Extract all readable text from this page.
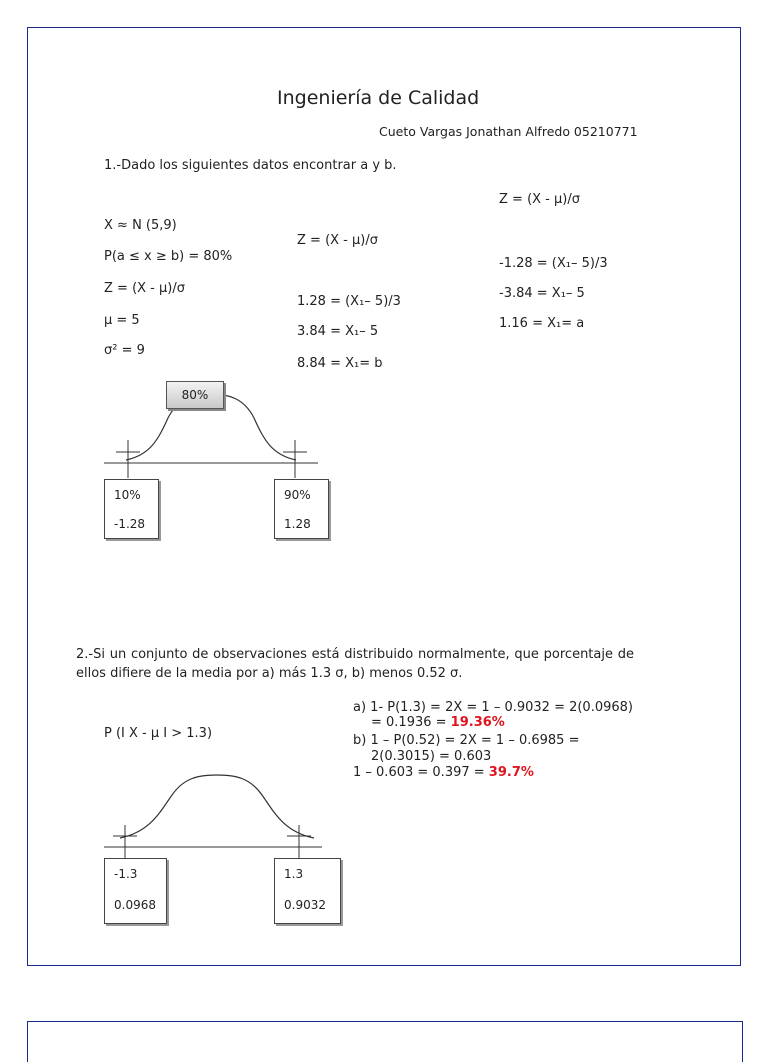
Ingeniería de Calidad
Cueto Vargas Jonathan Alfredo 05210771
1.-Dado los siguientes datos encontrar a y b.
X ≈ N (5,9)
P(a ≤ x ≥ b) = 80%
Z = (X - μ)/σ
μ = 5
σ² = 9
Z = (X - μ)/σ
1.28 = (X₁– 5)/3
3.84 = X₁– 5
8.84 = X₁= b
Z = (X - μ)/σ
-1.28 = (X₁– 5)/3
-3.84 = X₁– 5
1.16 = X₁= a
80%
10%
-1.28
90%
1.28
2.-Si un conjunto de observaciones está distribuido normalmente, que porcentaje de ellos difiere de la media por a) más 1.3 σ, b) menos 0.52 σ.
P (I X - μ I > 1.3)
a) 1- P(1.3) = 2X = 1 – 0.9032 = 2(0.0968)
= 0.1936 = 19.36%
b) 1 – P(0.52) = 2X = 1 – 0.6985 =
2(0.3015) = 0.603
1 – 0.603 = 0.397 = 39.7%
-1.3
0.0968
1.3
0.9032
